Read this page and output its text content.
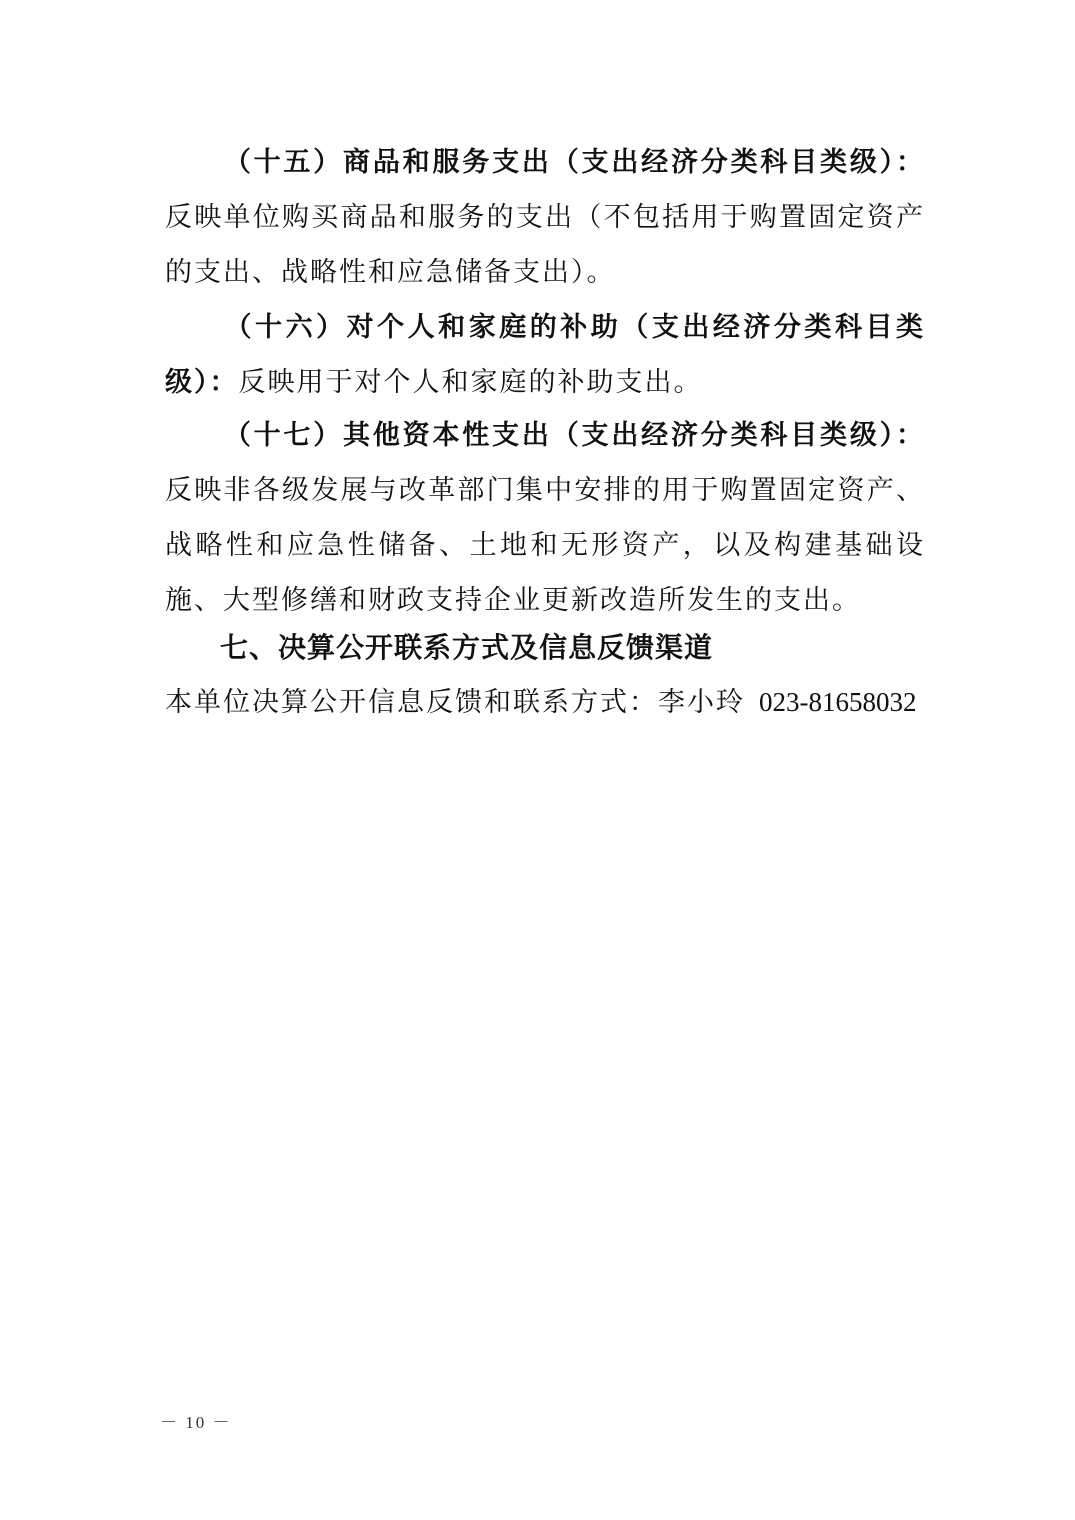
（十五）商品和服务支出（支出经济分类科目类级）：反映单位购买商品和服务的支出（不包括用于购置固定资产的支出、战略性和应急储备支出）。

（十六）对个人和家庭的补助（支出经济分类科目类级）：反映用于对个人和家庭的补助支出。

（十七）其他资本性支出（支出经济分类科目类级）：反映非各级发展与改革部门集中安排的用于购置固定资产、战略性和应急性储备、土地和无形资产，以及构建基础设施、大型修缮和财政支持企业更新改造所发生的支出。

七、决算公开联系方式及信息反馈渠道

本单位决算公开信息反馈和联系方式：李小玲 023-81658032

－ 10 －
